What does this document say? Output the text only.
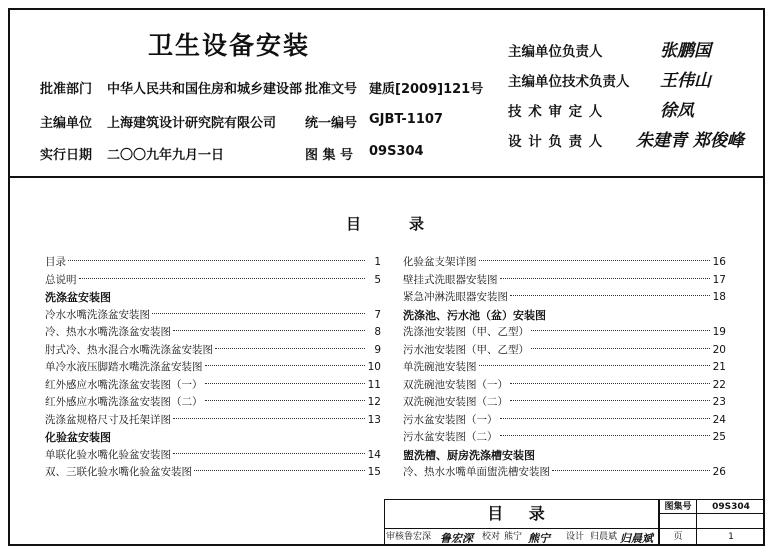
卫生设备安装
批准部门 中华人民共和国住房和城乡建设部 批准文号 建质[2009]121号
主编单位 上海建筑设计研究院有限公司 统一编号 GJBT-1107
实行日期 二〇〇九年九月一日	图 集 号 09S304
主编单位负责人	张鹏国
主编单位技术负责人 王伟山
技 术 审 定 人	徐凤
设 计 负 责 人 朱建青 郑俊峰
目	录
目录	1
总说明	5
洗涤盆安装图
冷水水嘴洗涤盆安装图	7
冷、热水水嘴洗涤盆安装图	8
肘式冷、热水混合水嘴洗涤盆安装图	9
单冷水液压脚踏水嘴洗涤盆安装图	10
红外感应水嘴洗涤盆安装图（一）	11
红外感应水嘴洗涤盆安装图（二）	12
洗涤盆规格尺寸及托架详图	13
化验盆安装图
单联化验水嘴化验盆安装图	14
双、三联化验水嘴化验盆安装图	15
化验盆支架详图	16
壁挂式洗眼器安装图	17
紧急冲淋洗眼器安装图	18
洗涤池、污水池（盆）安装图
洗涤池安装图（甲、乙型）	19
污水池安装图（甲、乙型）	20
单洗碗池安装图	21
双洗碗池安装图（一）	22
双洗碗池安装图（二）	23
污水盆安装图（一）	24
污水盆安装图（二）	25
盥洗槽、厨房洗涤槽安装图
冷、热水水嘴单面盥洗槽安装图	26
目 录	图集号	09S304
审核 鲁宏深 鲁宏深 校对 熊宁 熊宁 设计 归晨斌 归晨斌	页	1
